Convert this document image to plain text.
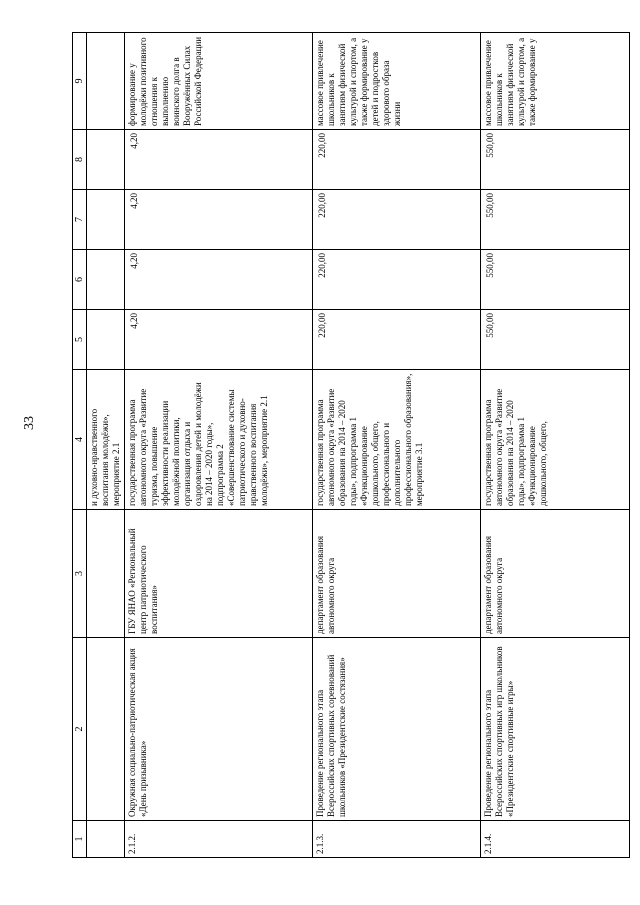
33
1	2	3	4	5	6	7	8	9
			и духовно-нравственного воспитания молодёжи», мероприятие 2.1					
2.1.2.	Окружная социально-патриотическая акция «День призывника»	ГБУ ЯНАО «Региональный центр патриотического воспитания»	государственная программа автономного округа «Развитие туризма, повышение эффективности реализации молодёжной политики, организация отдыха и оздоровления детей и молодёжи на 2014 – 2020 годы», подпрограмма 2 «Совершенствование системы патриотического и духовно-нравственного воспитания молодёжи», мероприятие 2.1	4,20	4,20	4,20	4,20	формирование у молодёжи позитивного отношения к выполнению воинского долга в Вооружённых Силах Российской Федерации
2.1.3.	Проведение регионального этапа Всероссийских спортивных соревнований школьников «Президентские состязания»	департамент образования автономного округа	государственная программа автономного округа «Развитие образования на 2014 – 2020 годы», подпрограмма 1 «Функционирование дошкольного, общего, профессионального и дополнительного профессионального образования», мероприятие 3.1	220,00	220,00	220,00	220,00	массовое привлечение школьников к занятиям физической культурой и спортом, а также формирование у детей и подростков здорового образа жизни
2.1.4.	Проведение регионального этапа Всероссийских спортивных игр школьников «Президентские спортивные игры»	департамент образования автономного округа	государственная программа автономного округа «Развитие образования на 2014 – 2020 годы», подпрограмма 1 «Функционирование дошкольного, общего,	550,00	550,00	550,00	550,00	массовое привлечение школьников к занятиям физической культурой и спортом, а также формирование у
